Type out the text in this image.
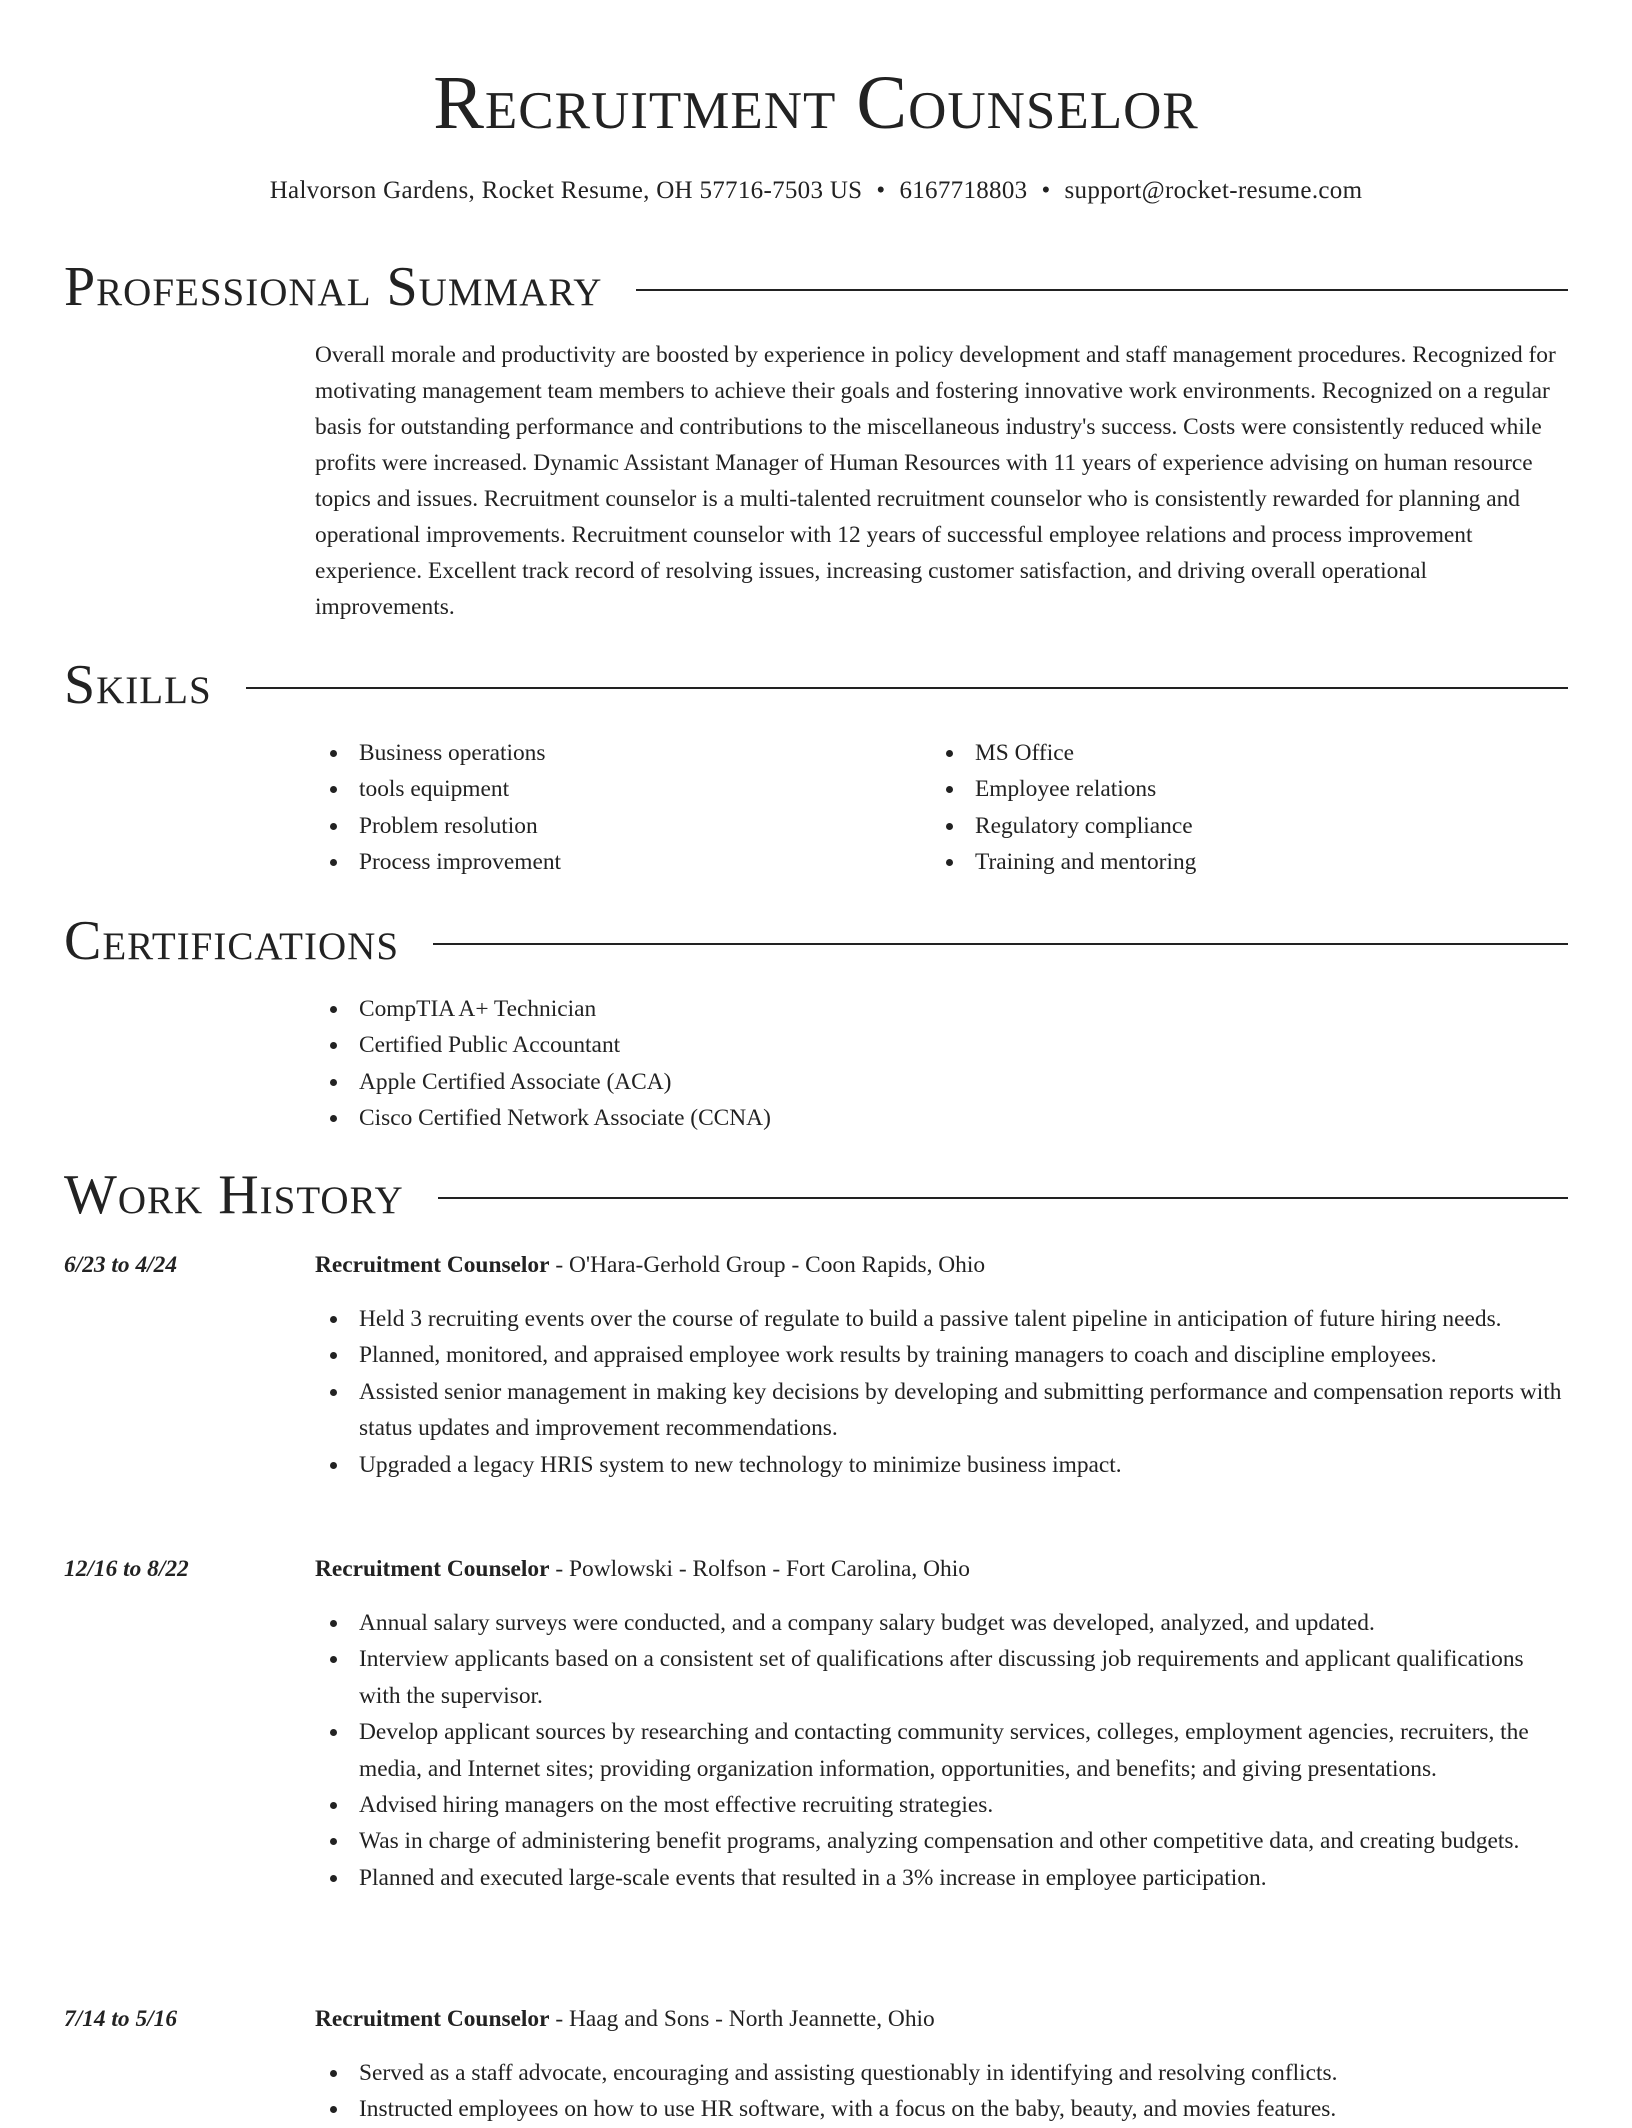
Recruitment Counselor
Halvorson Gardens, Rocket Resume, OH 57716-7503 US • 6167718803 • support@rocket-resume.com
Professional Summary

Overall morale and productivity are boosted by experience in policy development and staff management procedures. Recognized for motivating management team members to achieve their goals and fostering innovative work environments. Recognized on a regular basis for outstanding performance and contributions to the miscellaneous industry's success. Costs were consistently reduced while profits were increased. Dynamic Assistant Manager of Human Resources with 11 years of experience advising on human resource topics and issues. Recruitment counselor is a multi-talented recruitment counselor who is consistently rewarded for planning and operational improvements. Recruitment counselor with 12 years of successful employee relations and process improvement experience. Excellent track record of resolving issues, increasing customer satisfaction, and driving overall operational improvements.

Skills
Business operations
tools equipment
Problem resolution
Process improvement
MS Office
Employee relations
Regulatory compliance
Training and mentoring
Certifications
CompTIA A+ Technician
Certified Public Accountant
Apple Certified Associate (ACA)
Cisco Certified Network Associate (CCNA)
Work History
6/23 to 4/24	Recruitment Counselor - O'Hara-Gerhold Group - Coon Rapids, Ohio
Held 3 recruiting events over the course of regulate to build a passive talent pipeline in anticipation of future hiring needs.
Planned, monitored, and appraised employee work results by training managers to coach and discipline employees.
Assisted senior management in making key decisions by developing and submitting performance and compensation reports with status updates and improvement recommendations.
Upgraded a legacy HRIS system to new technology to minimize business impact.
12/16 to 8/22	Recruitment Counselor - Powlowski - Rolfson - Fort Carolina, Ohio
Annual salary surveys were conducted, and a company salary budget was developed, analyzed, and updated.
Interview applicants based on a consistent set of qualifications after discussing job requirements and applicant qualifications with the supervisor.
Develop applicant sources by researching and contacting community services, colleges, employment agencies, recruiters, the media, and Internet sites; providing organization information, opportunities, and benefits; and giving presentations.
Advised hiring managers on the most effective recruiting strategies.
Was in charge of administering benefit programs, analyzing compensation and other competitive data, and creating budgets.
Planned and executed large-scale events that resulted in a 3% increase in employee participation.
7/14 to 5/16	Recruitment Counselor - Haag and Sons - North Jeannette, Ohio
Served as a staff advocate, encouraging and assisting questionably in identifying and resolving conflicts.
Instructed employees on how to use HR software, with a focus on the baby, beauty, and movies features.
